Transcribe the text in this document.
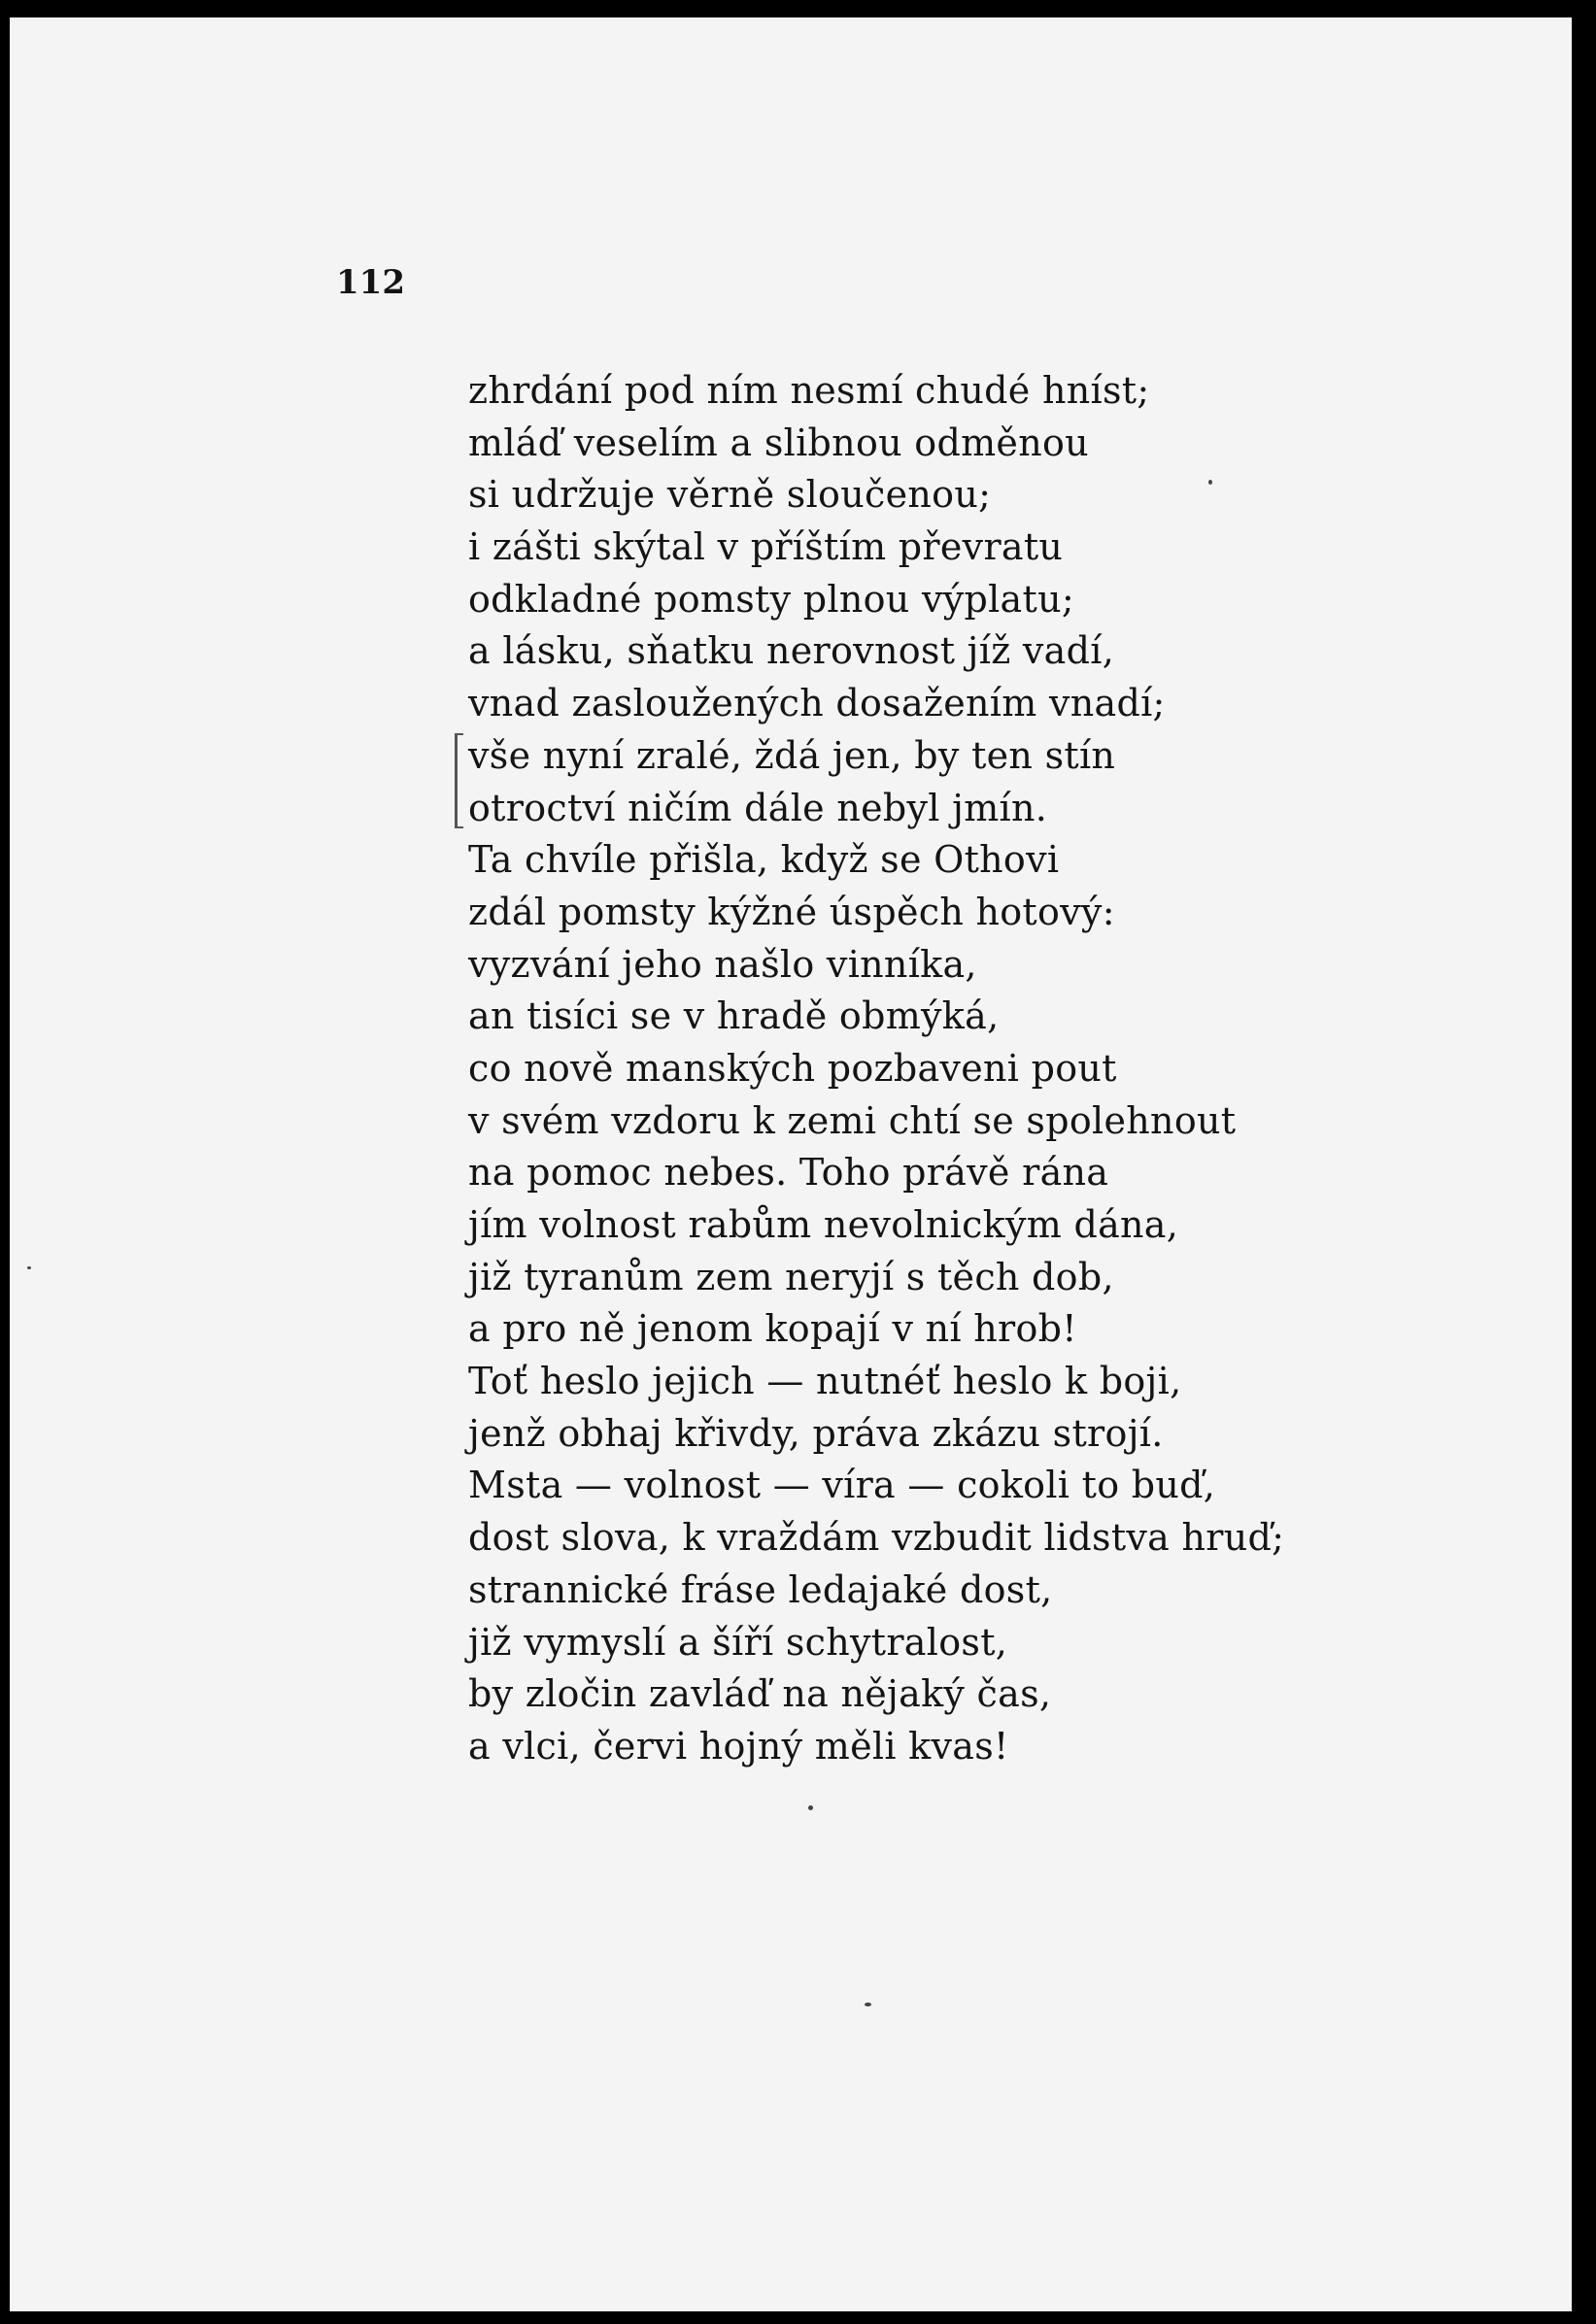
112

zhrdání pod ním nesmí chudé hníst;
mláď veselím a slibnou odměnou
si udržuje věrně sloučenou;
i zášti skýtal v příštím převratu
odkladné pomsty plnou výplatu;
a lásku, sňatku nerovnost jíž vadí,
vnad zasloužených dosažením vnadí;
vše nyní zralé, ždá jen, by ten stín
otroctví ničím dále nebyl jmín.
Ta chvíle přišla, když se Othovi
zdál pomsty kýžné úspěch hotový:
vyzvání jeho našlo vinníka,
an tisíci se v hradě obmýká,
co nově manských pozbaveni pout
v svém vzdoru k zemi chtí se spolehnout
na pomoc nebes. Toho právě rána
jím volnost rabům nevolnickým dána,
již tyranům zem neryjí s těch dob,
a pro ně jenom kopají v ní hrob!
Toť heslo jejich — nutnéť heslo k boji,
jenž obhaj křivdy, práva zkázu strojí.
Msta — volnost — víra — cokoli to buď,
dost slova, k vraždám vzbudit lidstva hruď;
strannické fráse ledajaké dost,
již vymyslí a šíří schytralost,
by zločin zavláď na nějaký čas,
a vlci, červi hojný měli kvas!
